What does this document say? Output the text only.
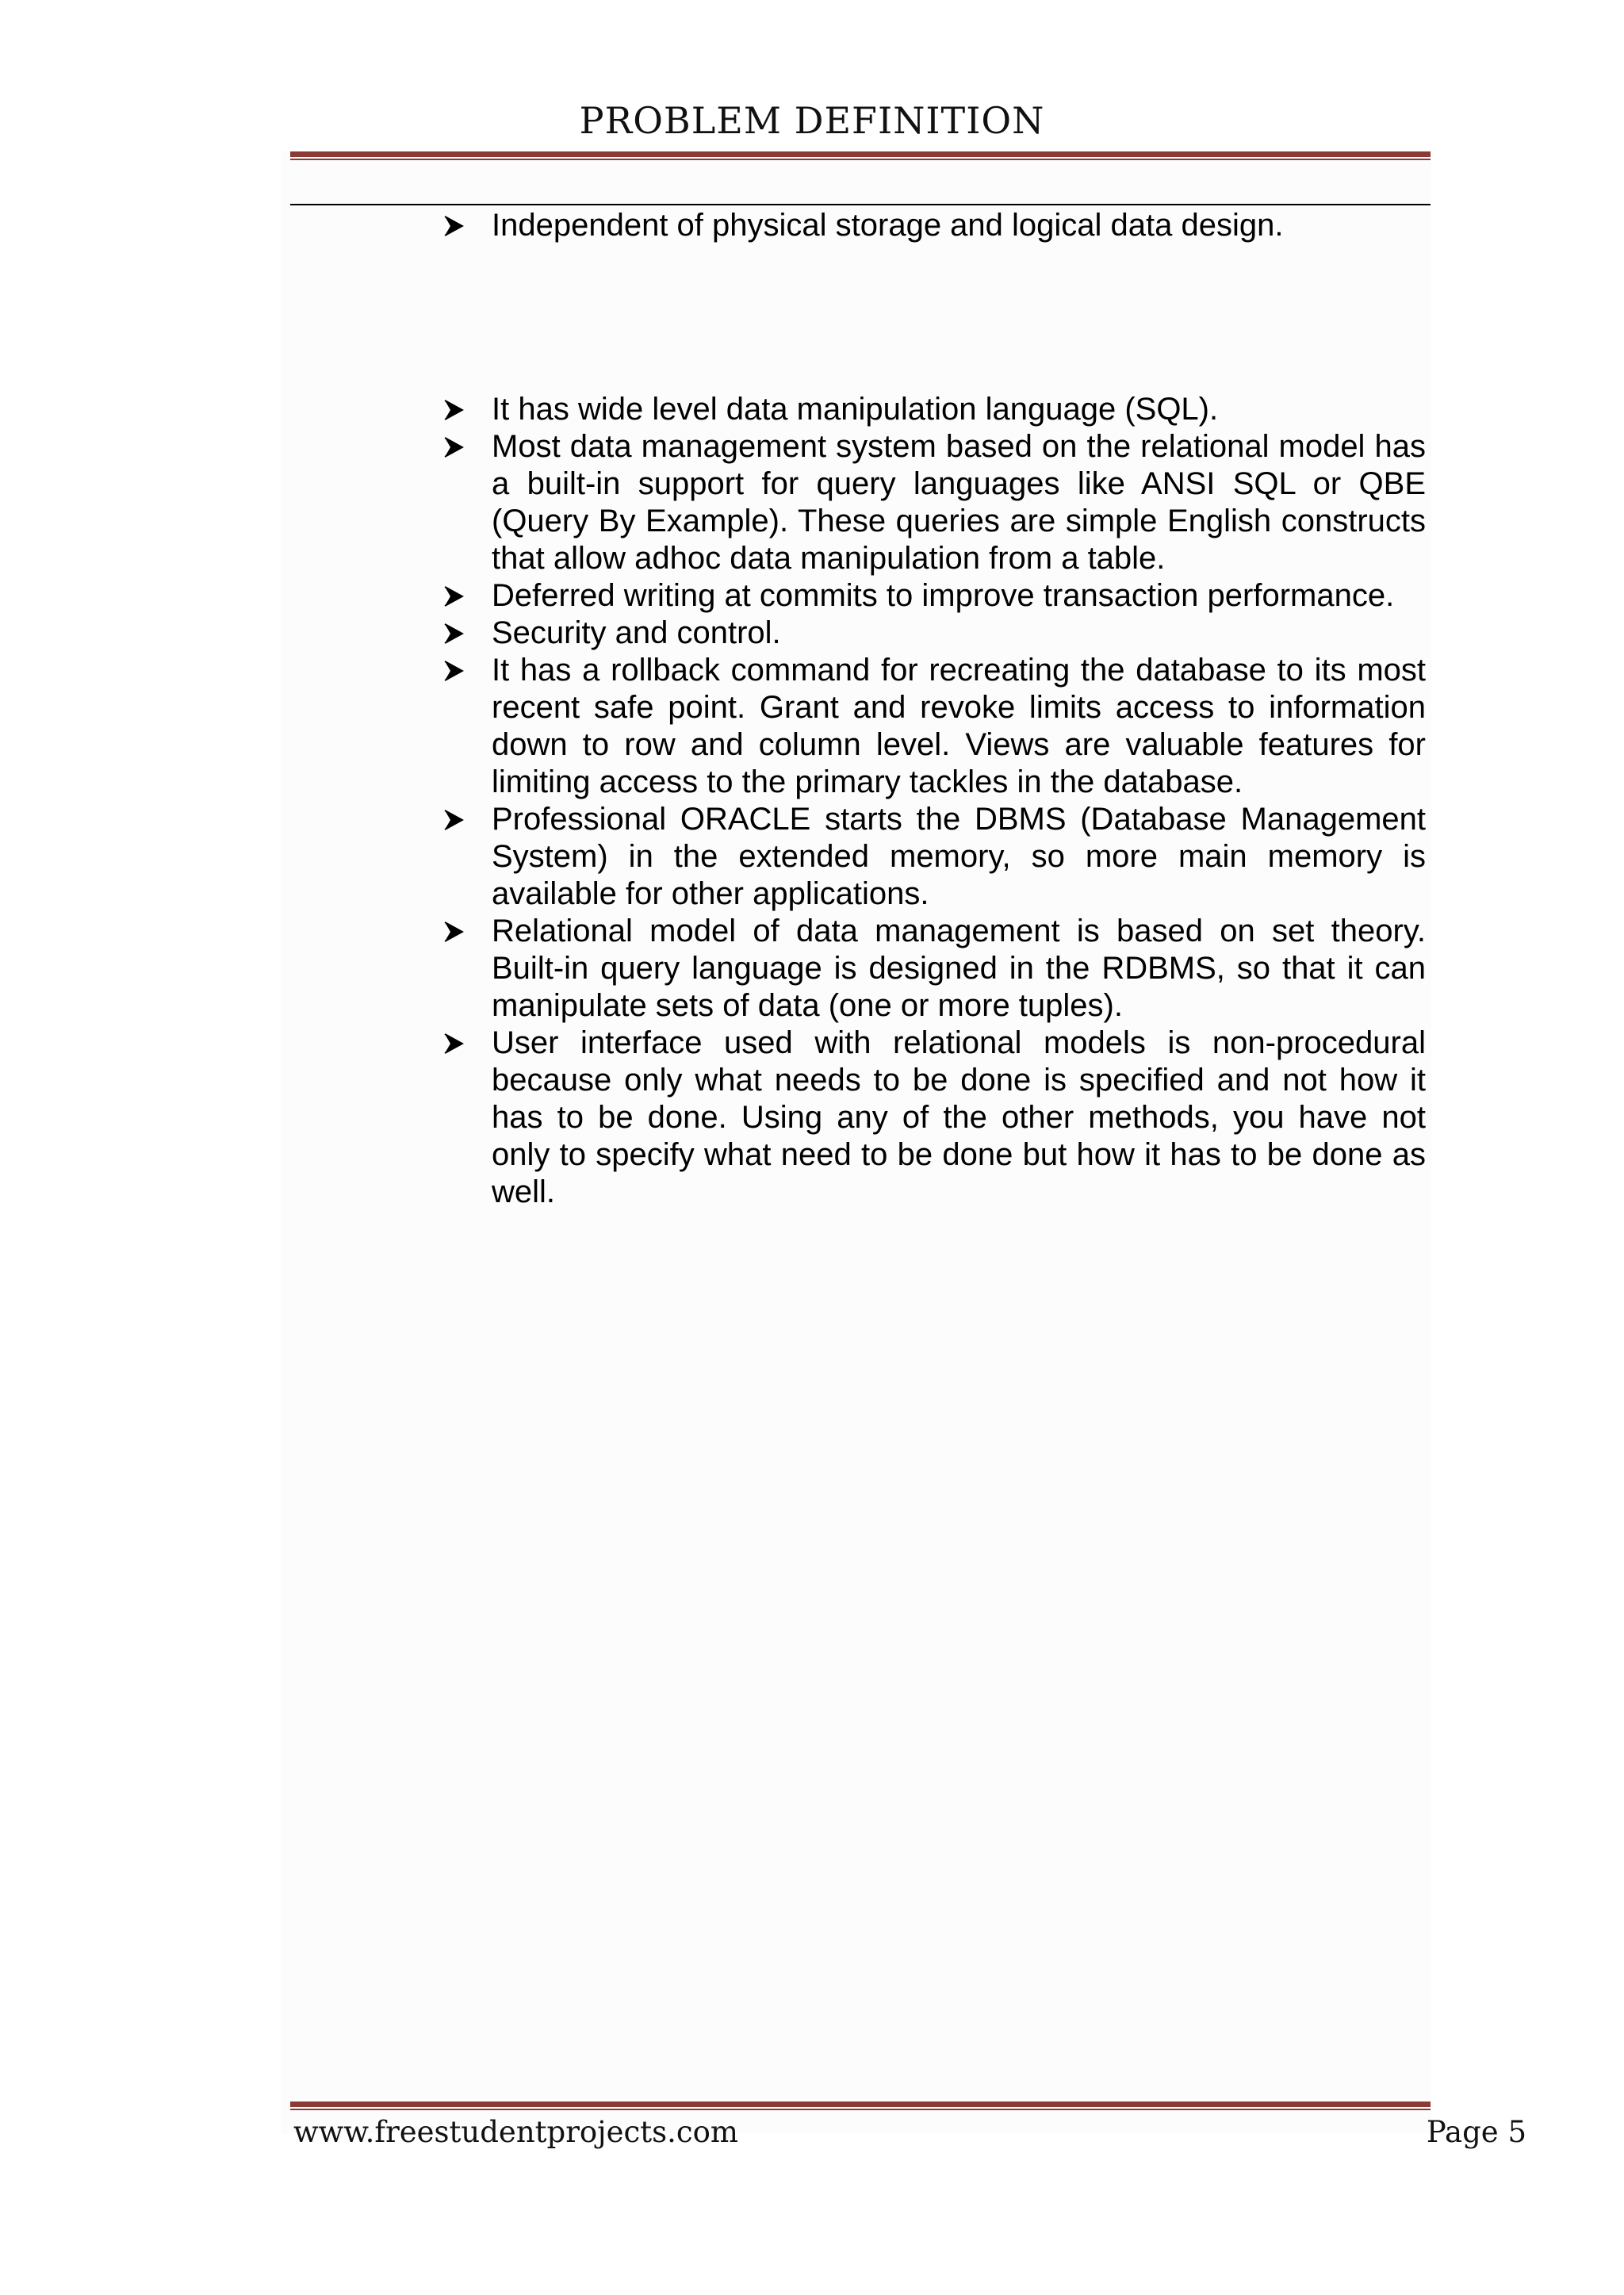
PROBLEM DEFINITION
Independent of physical storage and logical data design.
It has wide level data manipulation language (SQL).
Most data management system based on the relational model has a built-in support for query languages like ANSI SQL or QBE (Query By Example). These queries are simple English constructs that allow adhoc data manipulation from a table.
Deferred writing at commits to improve transaction performance.
Security and control.
It has a rollback command for recreating the database to its most recent safe point. Grant and revoke limits access to information down to row and column level. Views are valuable features for limiting access to the primary tackles in the database.
Professional ORACLE starts the DBMS (Database Management System) in the extended memory, so more main memory is available for other applications.
Relational model of data management is based on set theory. Built-in query language is designed in the RDBMS, so that it can manipulate sets of data (one or more tuples).
User interface used with relational models is non-procedural because only what needs to be done is specified and not how it has to be done. Using any of the other methods, you have not only to specify what need to be done but how it has to be done as well.
www.freestudentprojects.com	Page 5
